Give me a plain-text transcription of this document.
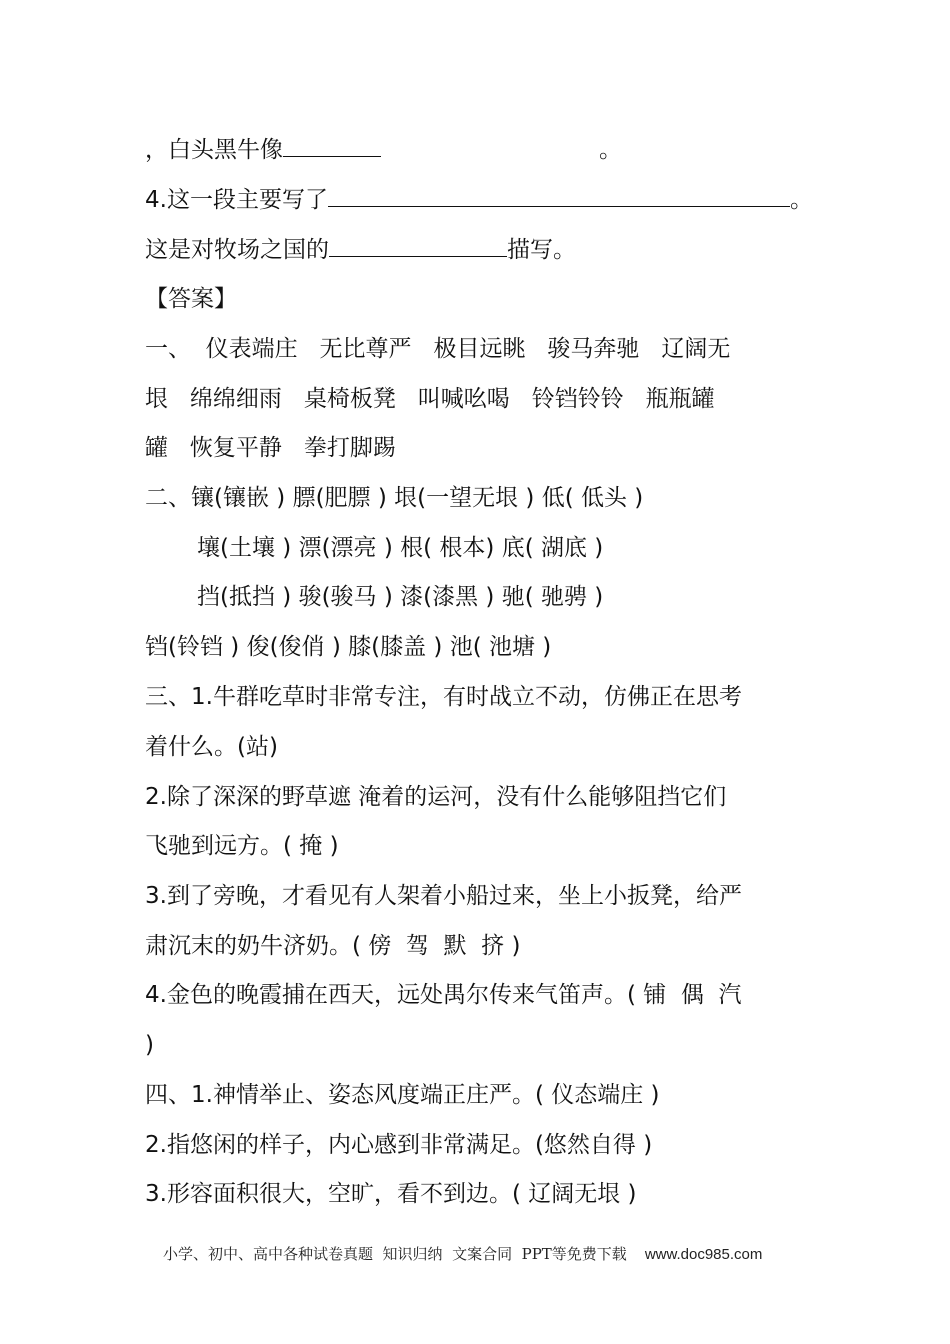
，白头黑牛像	。
4.这一段主要写了	。
这是对牧场之国的	描写。
【答案】
一、  仪表端庄   无比尊严   极目远眺   骏马奔驰   辽阔无
垠   绵绵细雨   桌椅板凳   叫喊吆喝   铃铛铃铃   瓶瓶罐
罐   恢复平静   拳打脚踢
二、镶(镶嵌 ) 膘(肥膘 ) 垠(一望无垠 ) 低( 低头 )
壤(土壤 ) 漂(漂亮 ) 根( 根本) 底( 湖底 )
挡(抵挡 ) 骏(骏马 ) 漆(漆黑 ) 驰( 驰骋 )
铛(铃铛 ) 俊(俊俏 ) 膝(膝盖 ) 池( 池塘 )
三、1.牛群吃草时非常专注，有时战立不动，仿佛正在思考
着什么。(站)
2.除了深深的野草遮 淹着的运河，没有什么能够阻挡它们
飞驰到远方。( 掩 )
3.到了旁晚，才看见有人架着小船过来，坐上小扳凳，给严
肃沉末的奶牛济奶。( 傍  驾  默  挤 )
4.金色的晚霞捕在西天，远处禺尔传来气笛声。( 铺  偶  汽
)
四、1.神情举止、姿态风度端正庄严。( 仪态端庄 )
2.指悠闲的样子，内心感到非常满足。(悠然自得 )
3.形容面积很大，空旷，看不到边。( 辽阔无垠 )
小学、初中、高中各种试卷真题  知识归纳  文案合同  PPT等免费下载 www.doc985.com
